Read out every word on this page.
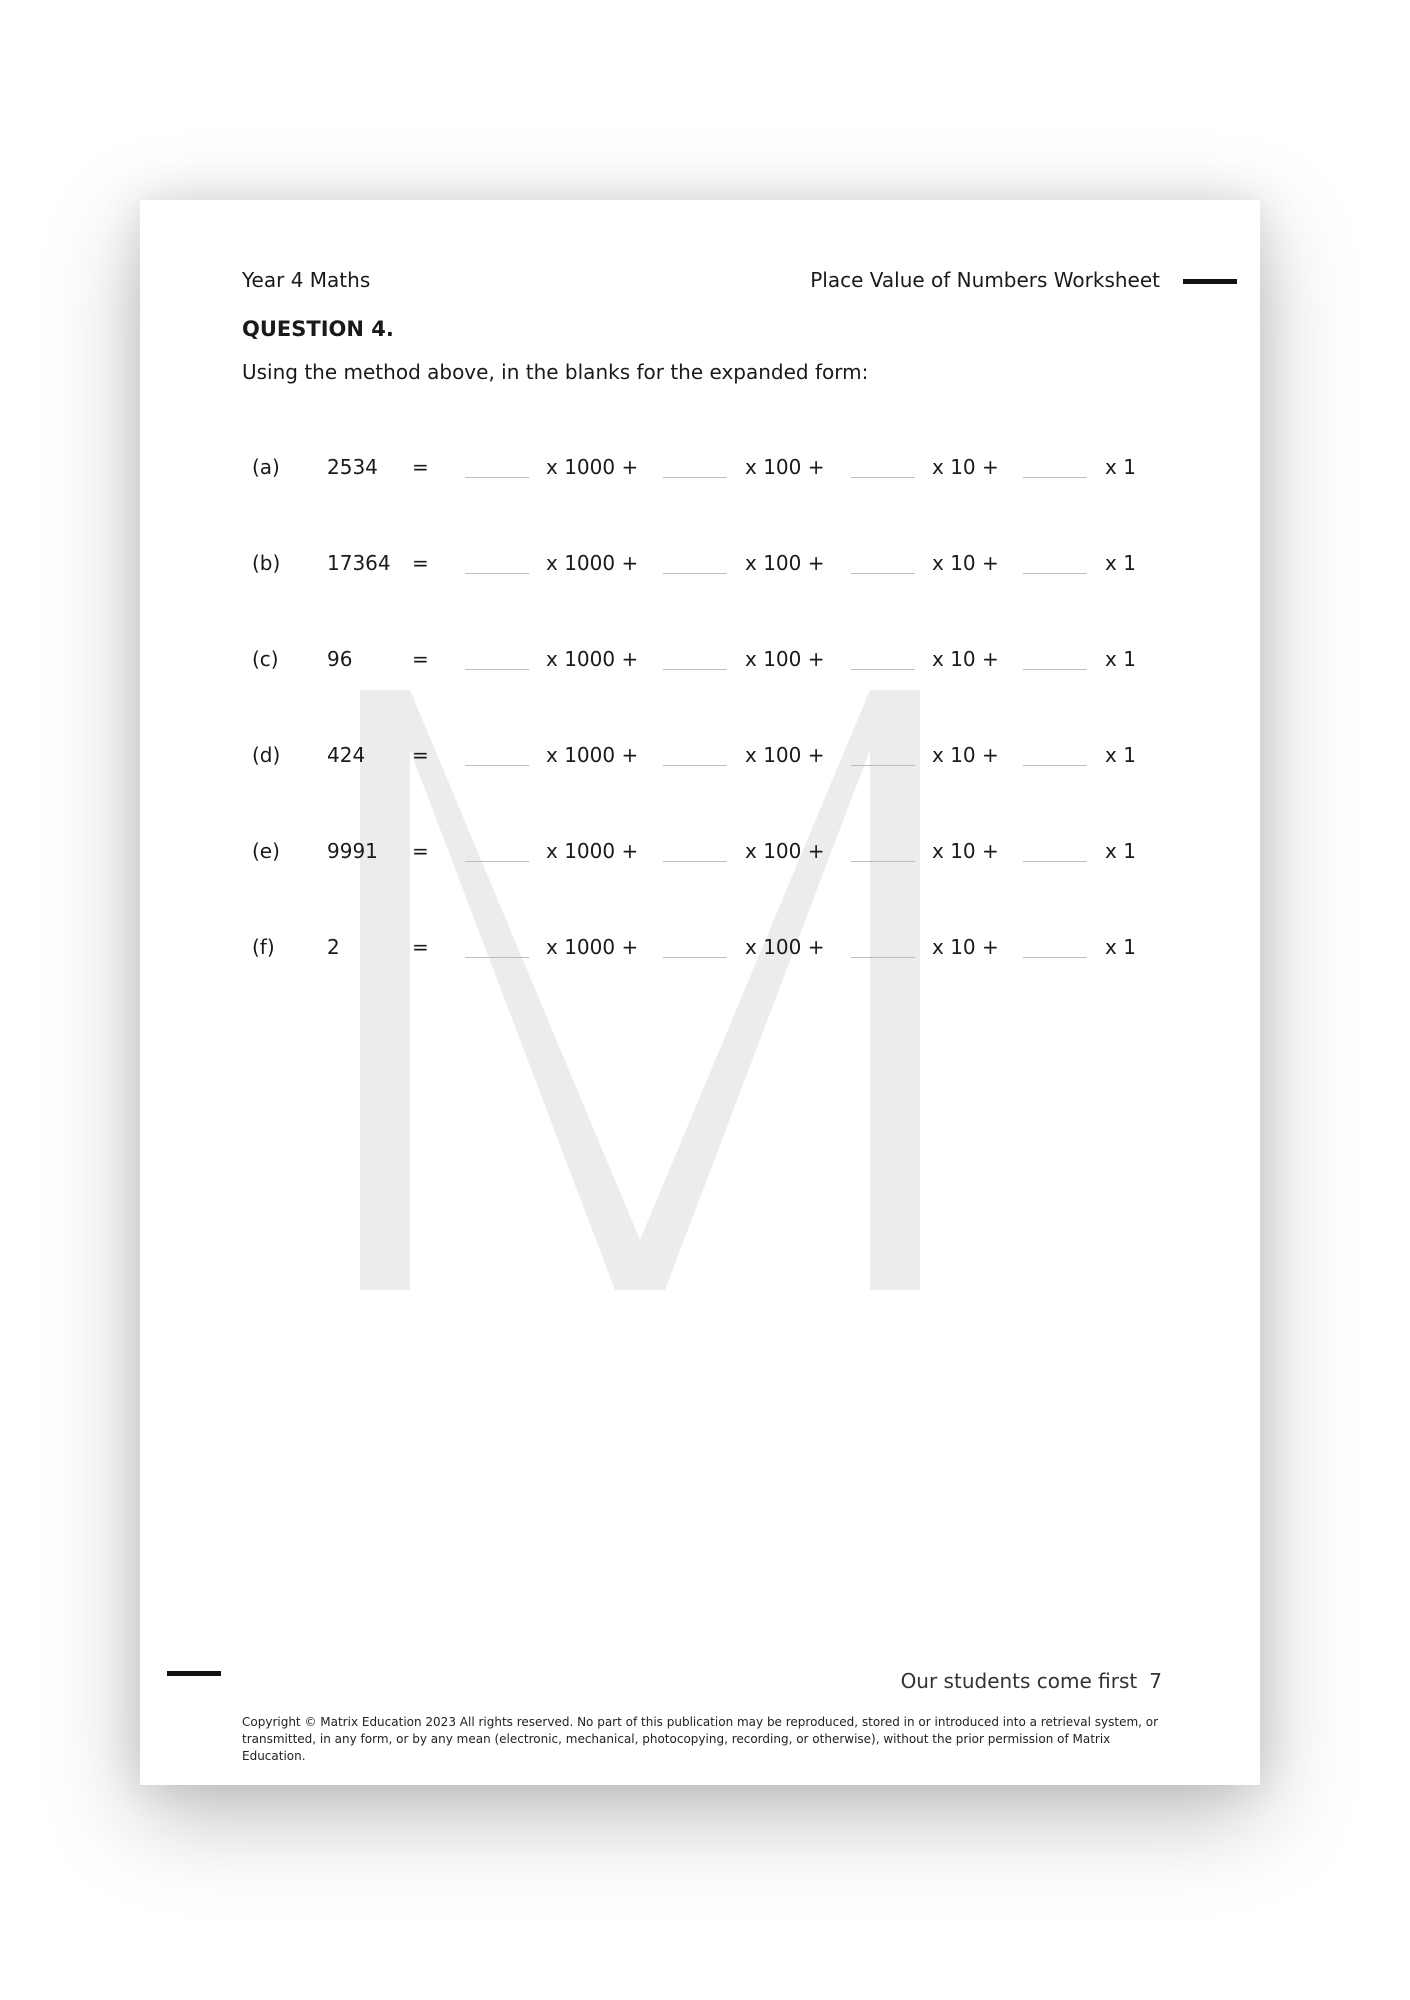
Year 4 Maths	Place Value of Numbers Worksheet
QUESTION 4.
Using the method above, in the blanks for the expanded form:
(a) 2534 =	x 1000 +	x 100 +	x 10 +	x 1
(b) 17364 =	x 1000 +	x 100 +	x 10 +	x 1
(c) 96	=	x 1000 +	x 100 +	x 10 +	x 1
(d) 424 =	x 1000 +	x 100 +	x 10 +	x 1
(e) 9991 =	x 1000 +	x 100 +	x 10 +	x 1
(f)	2	=	x 1000 +	x 100 +	x 10 +	x 1
Our students come first 7
Copyright © Matrix Education 2023 All rights reserved. No part of this publication may be reproduced, stored in or introduced into a retrieval system, or transmitted, in any form, or by any mean (electronic, mechanical, photocopying, recording, or otherwise), without the prior permission of Matrix Education.
